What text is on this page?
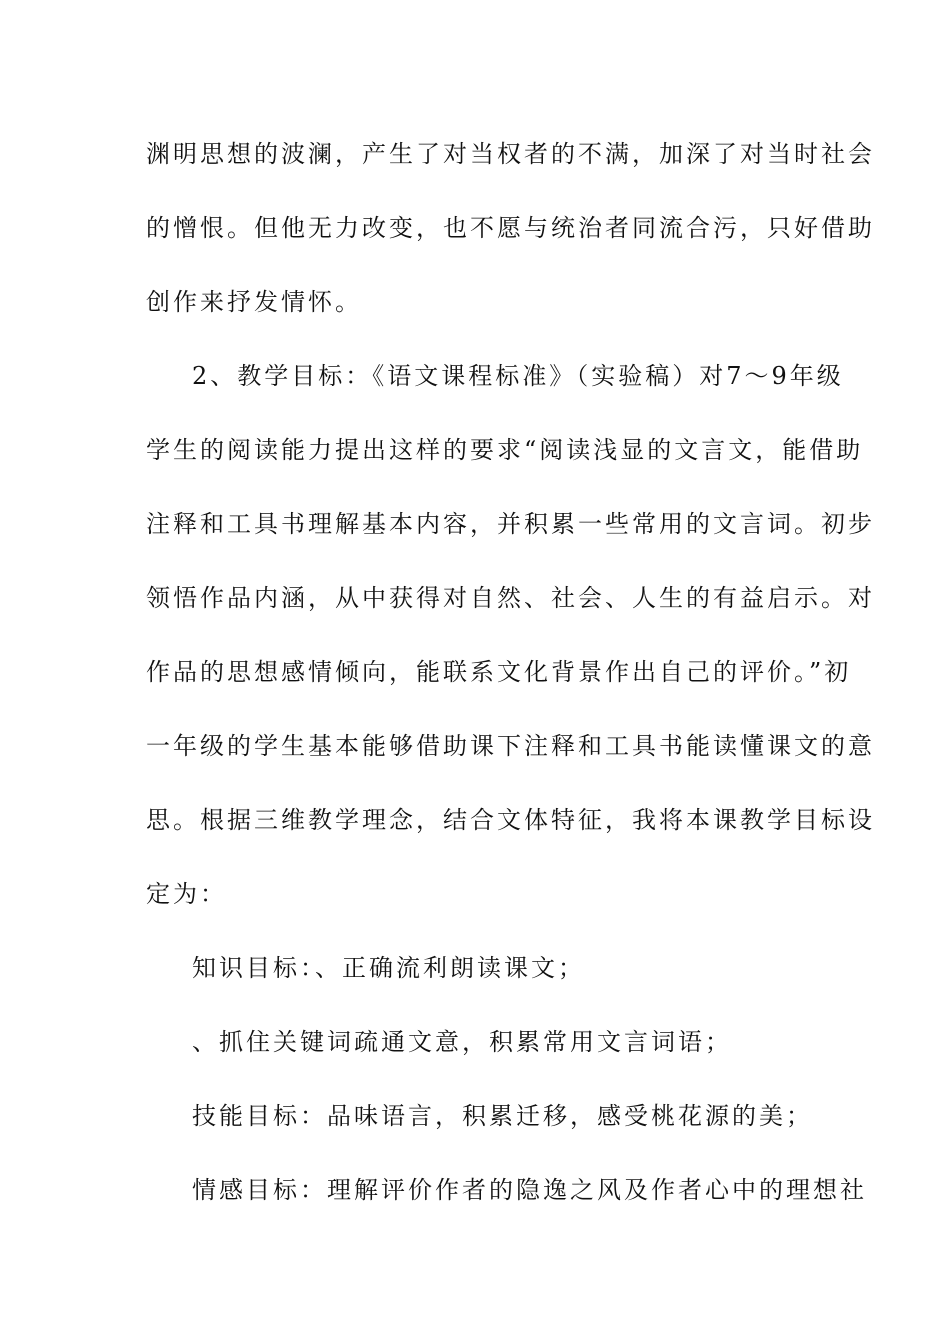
渊明思想的波澜，产生了对当权者的不满，加深了对当时社会
的憎恨。但他无力改变，也不愿与统治者同流合污，只好借助
创作来抒发情怀。
2、教学目标：《语文课程标准》（实验稿）对7～9年级
学生的阅读能力提出这样的要求“阅读浅显的文言文，能借助
注释和工具书理解基本内容，并积累一些常用的文言词。初步
领悟作品内涵，从中获得对自然、社会、人生的有益启示。对
作品的思想感情倾向，能联系文化背景作出自己的评价。”初
一年级的学生基本能够借助课下注释和工具书能读懂课文的意
思。根据三维教学理念，结合文体特征，我将本课教学目标设
定为：
知识目标：、正确流利朗读课文；
、抓住关键词疏通文意，积累常用文言词语；
技能目标：品味语言，积累迁移，感受桃花源的美；
情感目标：理解评价作者的隐逸之风及作者心中的理想社
